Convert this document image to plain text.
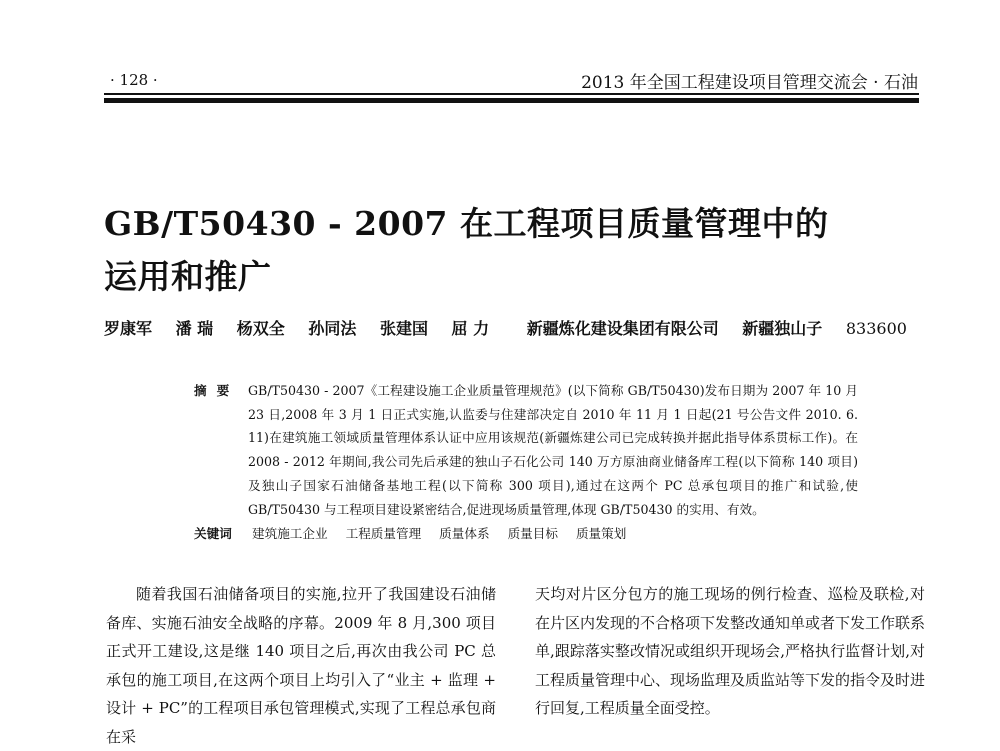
· 128 ·	2013 年全国工程建设项目管理交流会 · 石油
GB/T50430 - 2007 在工程项目质量管理中的
运用和推广
罗康军 潘 瑞 杨双全 孙同法 张建国 屈 力 新疆炼化建设集团有限公司 新疆独山子 833600
摘要 GB/T50430 - 2007《工程建设施工企业质量管理规范》(以下简称 GB/T50430)发布日期为 2007 年 10 月 23 日,2008 年 3 月 1 日正式实施,认监委与住建部决定自 2010 年 11 月 1 日起(21 号公告文件 2010. 6. 11)在建筑施工领域质量管理体系认证中应用该规范(新疆炼建公司已完成转换并据此指导体系贯标工作)。在 2008 - 2012 年期间,我公司先后承建的独山子石化公司 140 万方原油商业储备库工程(以下简称 140 项目)及独山子国家石油储备基地工程(以下简称 300 项目),通过在这两个 PC 总承包项目的推广和试验,使 GB/T50430 与工程项目建设紧密结合,促进现场质量管理,体现 GB/T50430 的实用、有效。
关键词 建筑施工企业 工程质量管理 质量体系 质量目标 质量策划
随着我国石油储备项目的实施,拉开了我国建设石油储备库、实施石油安全战略的序幕。2009 年 8 月,300 项目正式开工建设,这是继 140 项目之后,再次由我公司 PC 总承包的施工项目,在这两个项目上均引入了“业主 + 监理 + 设计 + PC”的工程项目承包管理模式,实现了工程总承包商在采
天均对片区分包方的施工现场的例行检查、巡检及联检,对在片区内发现的不合格项下发整改通知单或者下发工作联系单,跟踪落实整改情况或组织开现场会,严格执行监督计划,对工程质量管理中心、现场监理及质监站等下发的指令及时进行回复,工程质量全面受控。
